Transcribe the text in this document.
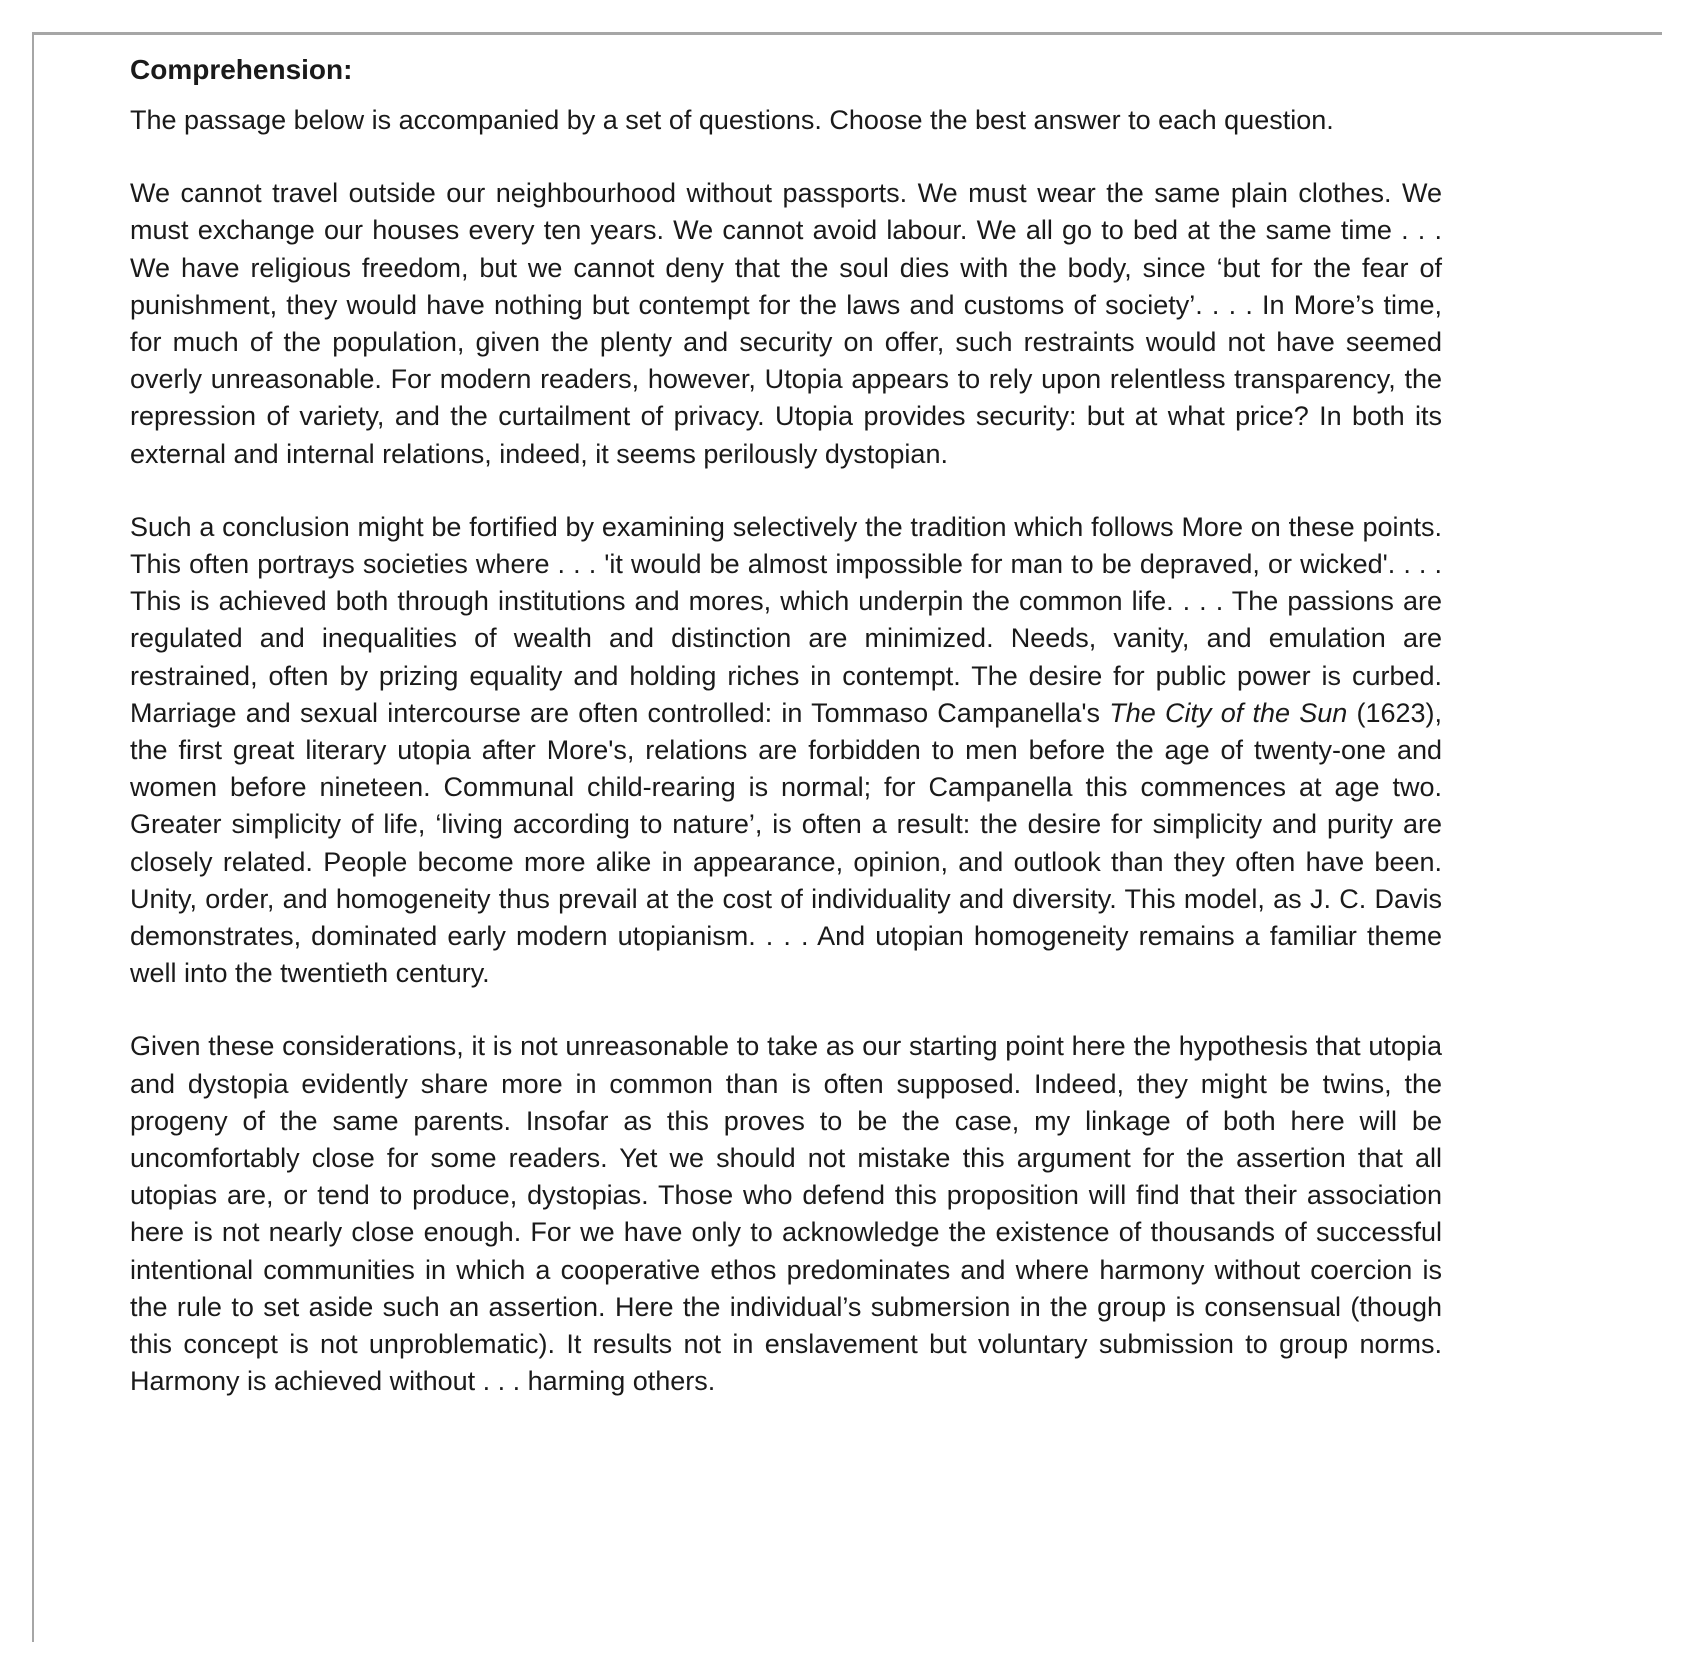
Comprehension:

The passage below is accompanied by a set of questions. Choose the best answer to each question.

We cannot travel outside our neighbourhood without passports. We must wear the same plain clothes. We must exchange our houses every ten years. We cannot avoid labour. We all go to bed at the same time . . . We have religious freedom, but we cannot deny that the soul dies with the body, since ‘but for the fear of punishment, they would have nothing but contempt for the laws and customs of society’. . . . In More’s time, for much of the population, given the plenty and security on offer, such restraints would not have seemed overly unreasonable. For modern readers, however, Utopia appears to rely upon relentless transparency, the repression of variety, and the curtailment of privacy. Utopia provides security: but at what price? In both its external and internal relations, indeed, it seems perilously dystopian.

Such a conclusion might be fortified by examining selectively the tradition which follows More on these points. This often portrays societies where . . . 'it would be almost impossible for man to be depraved, or wicked'. . . . This is achieved both through institutions and mores, which underpin the common life. . . . The passions are regulated and inequalities of wealth and distinction are minimized. Needs, vanity, and emulation are restrained, often by prizing equality and holding riches in contempt. The desire for public power is curbed. Marriage and sexual intercourse are often controlled: in Tommaso Campanella's The City of the Sun (1623), the first great literary utopia after More's, relations are forbidden to men before the age of twenty-one and women before nineteen. Communal child-rearing is normal; for Campanella this commences at age two. Greater simplicity of life, ‘living according to nature’, is often a result: the desire for simplicity and purity are closely related. People become more alike in appearance, opinion, and outlook than they often have been. Unity, order, and homogeneity thus prevail at the cost of individuality and diversity. This model, as J. C. Davis demonstrates, dominated early modern utopianism. . . . And utopian homogeneity remains a familiar theme well into the twentieth century.

Given these considerations, it is not unreasonable to take as our starting point here the hypothesis that utopia and dystopia evidently share more in common than is often supposed. Indeed, they might be twins, the progeny of the same parents. Insofar as this proves to be the case, my linkage of both here will be uncomfortably close for some readers. Yet we should not mistake this argument for the assertion that all utopias are, or tend to produce, dystopias. Those who defend this proposition will find that their association here is not nearly close enough. For we have only to acknowledge the existence of thousands of successful intentional communities in which a cooperative ethos predominates and where harmony without coercion is the rule to set aside such an assertion. Here the individual’s submersion in the group is consensual (though this concept is not unproblematic). It results not in enslavement but voluntary submission to group norms. Harmony is achieved without . . . harming others.
